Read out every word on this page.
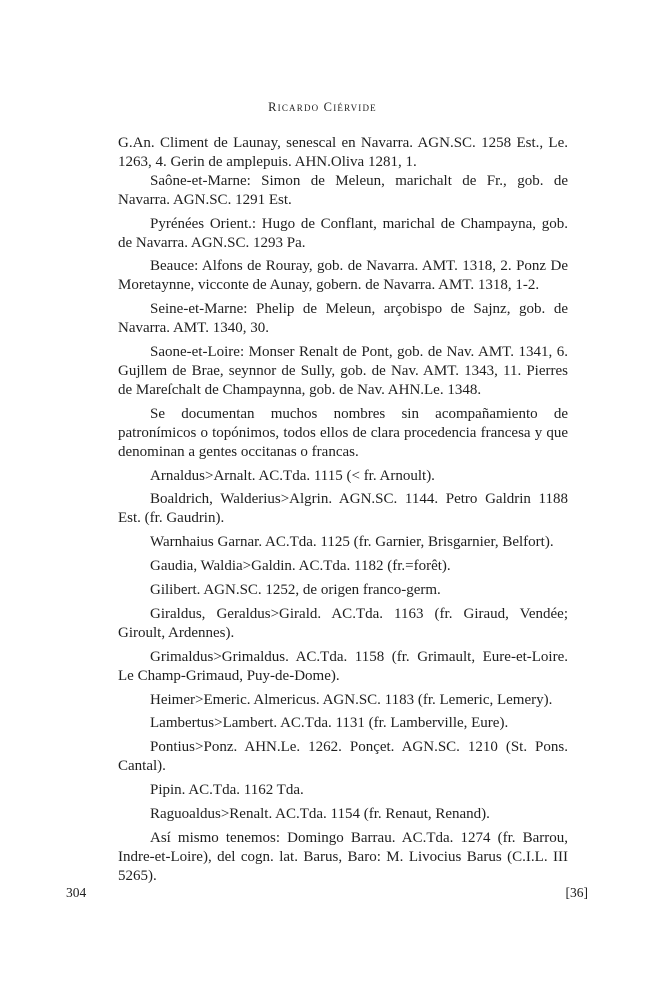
Ricardo Ciérvide

G.An. Climent de Launay, senescal en Navarra. AGN.SC. 1258 Est., Le. 1263, 4. Gerin de amplepuis. AHN.Oliva 1281, 1.

Saône-et-Marne: Simon de Meleun, marichalt de Fr., gob. de Navarra. AGN.SC. 1291 Est.

Pyrénées Orient.: Hugo de Conflant, marichal de Champayna, gob. de Navarra. AGN.SC. 1293 Pa.

Beauce: Alfons de Rouray, gob. de Navarra. AMT. 1318, 2. Ponz De Moretaynne, vicconte de Aunay, gobern. de Navarra. AMT. 1318, 1-2.

Seine-et-Marne: Phelip de Meleun, arçobispo de Sajnz, gob. de Navarra. AMT. 1340, 30.

Saone-et-Loire: Monser Renalt de Pont, gob. de Nav. AMT. 1341, 6. Gujllem de Brae, seynnor de Sully, gob. de Nav. AMT. 1343, 11. Pierres de Mareſchalt de Champaynna, gob. de Nav. AHN.Le. 1348.

Se documentan muchos nombres sin acompañamiento de patronímicos o topónimos, todos ellos de clara procedencia francesa y que denominan a gentes occitanas o francas.

Arnaldus>Arnalt. AC.Tda. 1115 (< fr. Arnoult).

Boaldrich, Walderius>Algrin. AGN.SC. 1144. Petro Galdrin 1188 Est. (fr. Gaudrin).

Warnhaius Garnar. AC.Tda. 1125 (fr. Garnier, Brisgarnier, Belfort).

Gaudia, Waldia>Galdin. AC.Tda. 1182 (fr.=forêt).

Gilibert. AGN.SC. 1252, de origen franco-germ.

Giraldus, Geraldus>Girald. AC.Tda. 1163 (fr. Giraud, Vendée; Giroult, Ardennes).

Grimaldus>Grimaldus. AC.Tda. 1158 (fr. Grimault, Eure-et-Loire. Le Champ-Grimaud, Puy-de-Dome).

Heimer>Emeric. Almericus. AGN.SC. 1183 (fr. Lemeric, Lemery).

Lambertus>Lambert. AC.Tda. 1131 (fr. Lamberville, Eure).

Pontius>Ponz. AHN.Le. 1262. Ponçet. AGN.SC. 1210 (St. Pons. Cantal).

Pipin. AC.Tda. 1162 Tda.

Raguoaldus>Renalt. AC.Tda. 1154 (fr. Renaut, Renand).

Así mismo tenemos: Domingo Barrau. AC.Tda. 1274 (fr. Barrou, Indre-et-Loire), del cogn. lat. Barus, Baro: M. Livocius Barus (C.I.L. III 5265).

304	[36]
